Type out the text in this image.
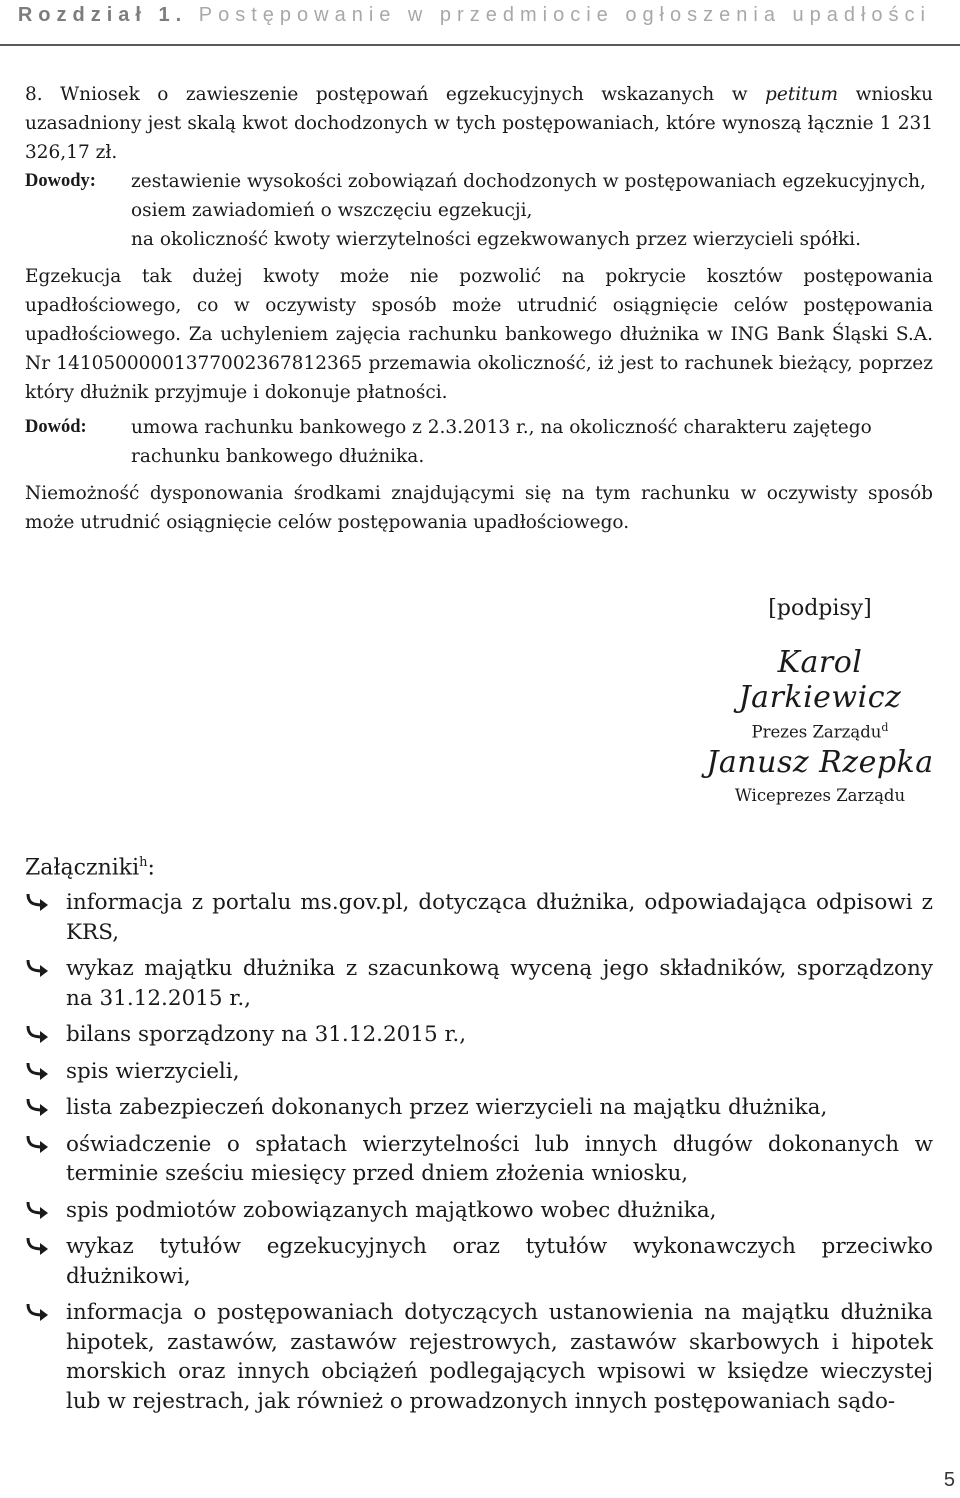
Rozdział 1. Postępowanie w przedmiocie ogłoszenia upadłości

8. Wniosek o zawieszenie postępowań egzekucyjnych wskazanych w petitum wniosku uzasadniony jest skalą kwot dochodzonych w tych postępowaniach, które wynoszą łącznie 1 231 326,17 zł.

Dowody:	zestawienie wysokości zobowiązań dochodzonych w postępowaniach egzekucyjnych,
osiem zawiadomień o wszczęciu egzekucji,
na okoliczność kwoty wierzytelności egzekwowanych przez wierzycieli spółki.

Egzekucja tak dużej kwoty może nie pozwolić na pokrycie kosztów postępowania upadłościowego, co w oczywisty sposób może utrudnić osiągnięcie celów postępowania upadłościowego. Za uchyleniem zajęcia rachunku bankowego dłużnika w ING Bank Śląski S.A. Nr 14105000001377002367812365 przemawia okoliczność, iż jest to rachunek bieżący, poprzez który dłużnik przyjmuje i dokonuje płatności.

Dowód:	umowa rachunku bankowego z 2.3.2013 r., na okoliczność charakteru zajętego rachunku bankowego dłużnika.

Niemożność dysponowania środkami znajdującymi się na tym rachunku w oczywisty sposób może utrudnić osiągnięcie celów postępowania upadłościowego.

[podpisy]
Karol Jarkiewicz
Prezes Zarządu$^d$
Janusz Rzepka
Wiceprezes Zarządu
Załączniki$^h$:
informacja z portalu ms.gov.pl, dotycząca dłużnika, odpowiadająca odpisowi z KRS,
wykaz majątku dłużnika z szacunkową wyceną jego składników, sporządzony na 31.12.2015 r.,
bilans sporządzony na 31.12.2015 r.,
spis wierzycieli,
lista zabezpieczeń dokonanych przez wierzycieli na majątku dłużnika,
oświadczenie o spłatach wierzytelności lub innych długów dokonanych w terminie sześciu miesięcy przed dniem złożenia wniosku,
spis podmiotów zobowiązanych majątkowo wobec dłużnika,
wykaz tytułów egzekucyjnych oraz tytułów wykonawczych przeciwko dłużnikowi,
informacja o postępowaniach dotyczących ustanowienia na majątku dłużnika hipotek, zastawów, zastawów rejestrowych, zastawów skarbowych i hipotek morskich oraz innych obciążeń podlegających wpisowi w księdze wieczystej lub w rejestrach, jak również o prowadzonych innych postępowaniach sądo-
5
